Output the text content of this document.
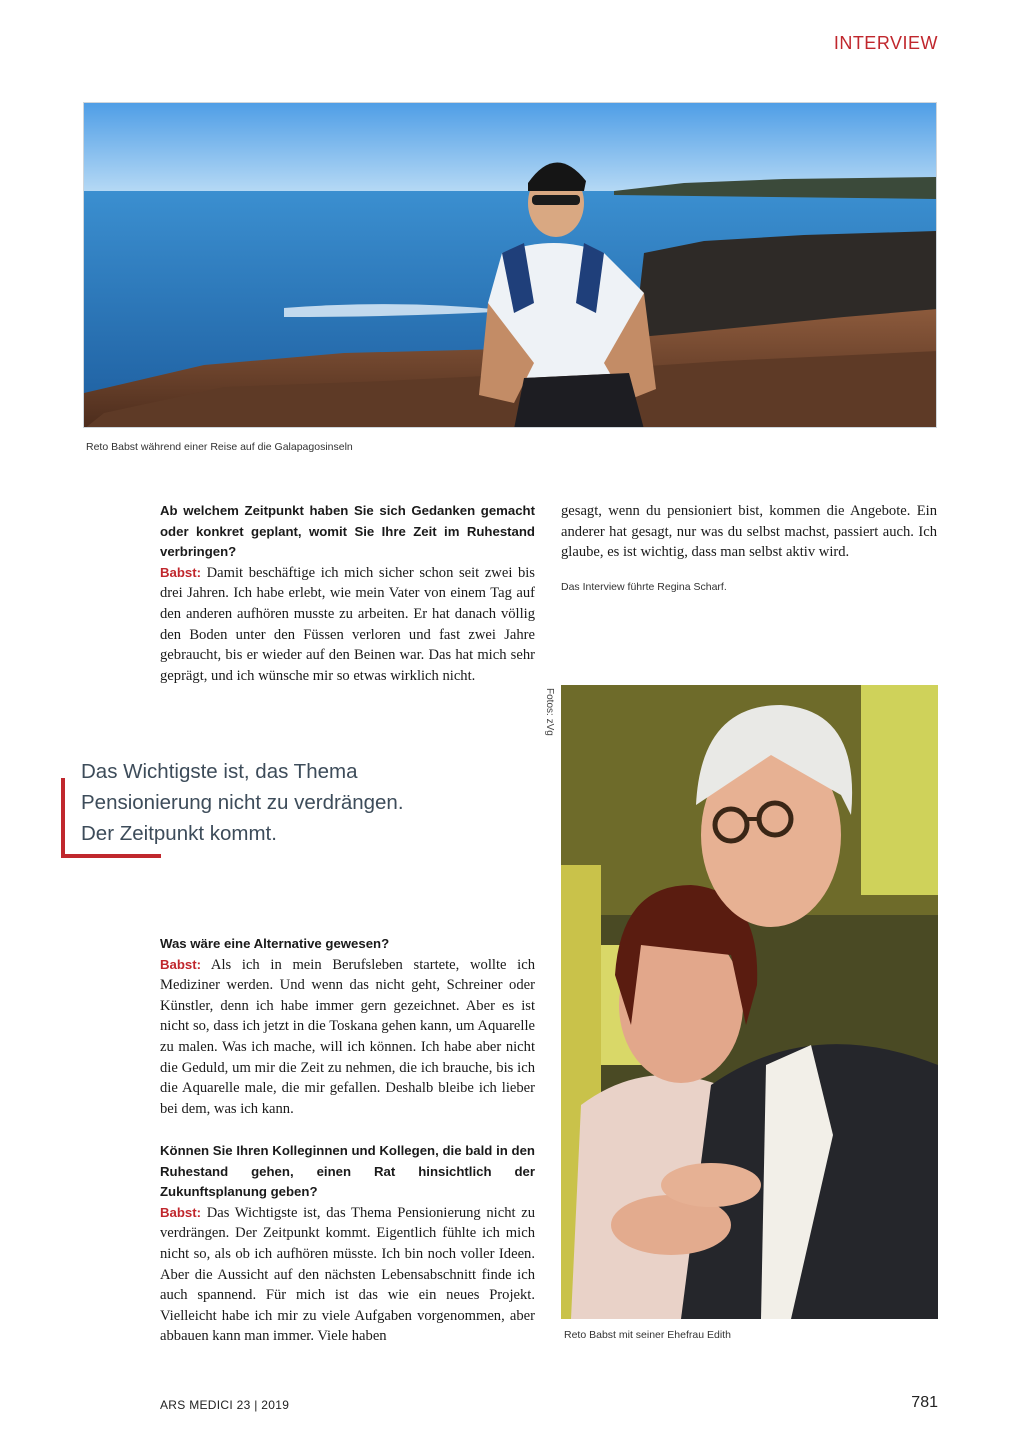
INTERVIEW
Reto Babst während einer Reise auf die Galapagosinseln

Ab welchem Zeitpunkt haben Sie sich Gedanken gemacht oder konkret geplant, womit Sie Ihre Zeit im Ruhestand verbringen?

Babst: Damit beschäftige ich mich sicher schon seit zwei bis drei Jahren. Ich habe erlebt, wie mein Vater von einem Tag auf den anderen aufhören musste zu arbeiten. Er hat danach völlig den Boden unter den Füssen verloren und fast zwei Jahre gebraucht, bis er wieder auf den Beinen war. Das hat mich sehr geprägt, und ich wünsche mir so etwas wirklich nicht.

gesagt, wenn du pensioniert bist, kommen die Angebote. Ein anderer hat gesagt, nur was du selbst machst, passiert auch. Ich glaube, es ist wichtig, dass man selbst aktiv wird.
Das Interview führte Regina Scharf.
Fotos: zVg
Das Wichtigste ist, das Thema
Pensionierung nicht zu verdrängen.
Der Zeitpunkt kommt.
Reto Babst mit seiner Ehefrau Edith

Was wäre eine Alternative gewesen?

Babst: Als ich in mein Berufsleben startete, wollte ich Mediziner werden. Und wenn das nicht geht, Schreiner oder Künstler, denn ich habe immer gern gezeichnet. Aber es ist nicht so, dass ich jetzt in die Toskana gehen kann, um Aquarelle zu malen. Was ich mache, will ich können. Ich habe aber nicht die Geduld, um mir die Zeit zu nehmen, die ich brauche, bis ich die Aquarelle male, die mir gefallen. Deshalb bleibe ich lieber bei dem, was ich kann.

Können Sie Ihren Kolleginnen und Kollegen, die bald in den Ruhestand gehen, einen Rat hinsichtlich der Zukunftsplanung geben?

Babst: Das Wichtigste ist, das Thema Pensionierung nicht zu verdrängen. Der Zeitpunkt kommt. Eigentlich fühlte ich mich nicht so, als ob ich aufhören müsste. Ich bin noch voller Ideen. Aber die Aussicht auf den nächsten Lebensabschnitt finde ich auch spannend. Für mich ist das wie ein neues Projekt. Vielleicht habe ich mir zu viele Aufgaben vorgenommen, aber abbauen kann man immer. Viele haben

ARS MEDICI 23 | 2019	781
